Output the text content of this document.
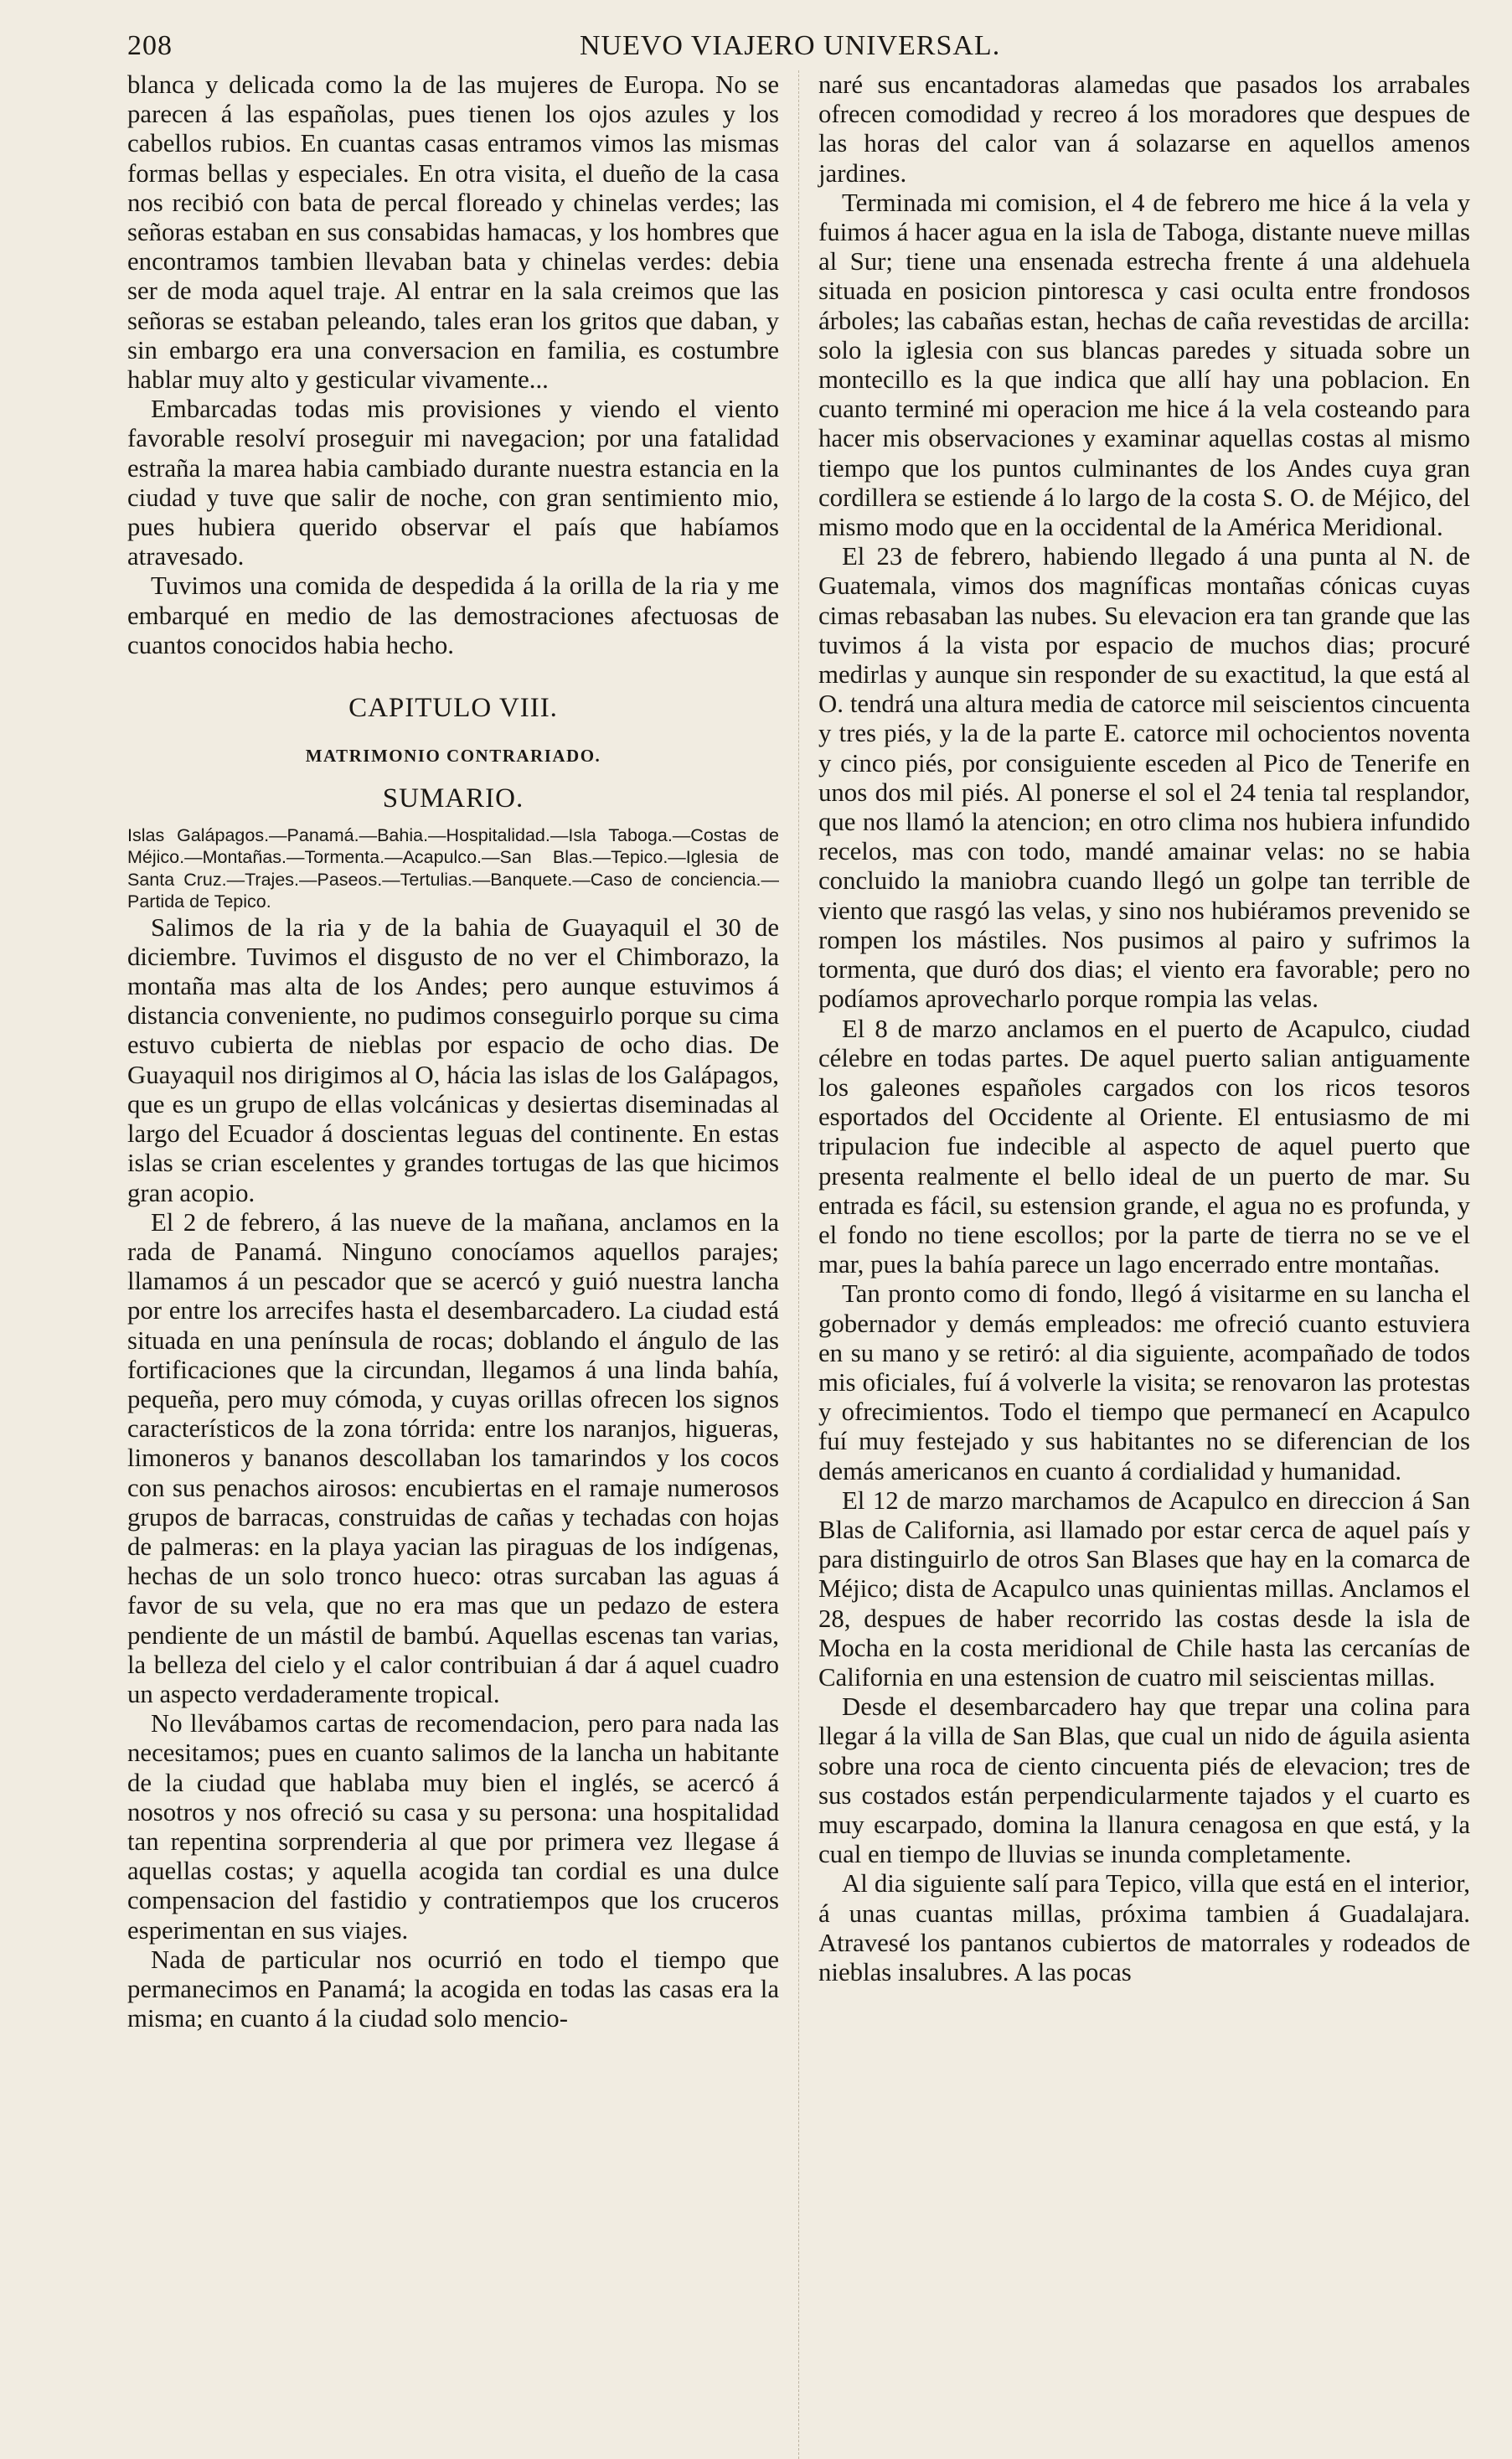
208	NUEVO VIAJERO UNIVERSAL.

blanca y delicada como la de las mujeres de Europa. No se parecen á las españolas, pues tienen los ojos azules y los cabellos rubios. En cuantas casas entramos vimos las mismas formas bellas y especiales. En otra visita, el dueño de la casa nos recibió con bata de percal floreado y chinelas verdes; las señoras estaban en sus consabidas hamacas, y los hombres que encontramos tambien llevaban bata y chinelas verdes: debia ser de moda aquel traje. Al entrar en la sala creimos que las señoras se estaban peleando, tales eran los gritos que daban, y sin embargo era una conversacion en familia, es costumbre hablar muy alto y gesticular vivamente...

Embarcadas todas mis provisiones y viendo el viento favorable resolví proseguir mi navegacion; por una fatalidad estraña la marea habia cambiado durante nuestra estancia en la ciudad y tuve que salir de noche, con gran sentimiento mio, pues hubiera querido observar el país que habíamos atravesado.

Tuvimos una comida de despedida á la orilla de la ria y me embarqué en medio de las demostraciones afectuosas de cuantos conocidos habia hecho.

CAPITULO VIII.
MATRIMONIO CONTRARIADO.
SUMARIO.

Islas Galápagos.—Panamá.—Bahia.—Hospitalidad.—Isla Taboga.—Costas de Méjico.—Montañas.—Tormenta.—Acapulco.—San Blas.—Tepico.—Iglesia de Santa Cruz.—Trajes.—Paseos.—Tertulias.—Banquete.—Caso de conciencia.—Partida de Tepico.

Salimos de la ria y de la bahia de Guayaquil el 30 de diciembre. Tuvimos el disgusto de no ver el Chimborazo, la montaña mas alta de los Andes; pero aunque estuvimos á distancia conveniente, no pudimos conseguirlo porque su cima estuvo cubierta de nieblas por espacio de ocho dias. De Guayaquil nos dirigimos al O, hácia las islas de los Galápagos, que es un grupo de ellas volcánicas y desiertas diseminadas al largo del Ecuador á doscientas leguas del continente. En estas islas se crian escelentes y grandes tortugas de las que hicimos gran acopio.

El 2 de febrero, á las nueve de la mañana, anclamos en la rada de Panamá. Ninguno conocíamos aquellos parajes; llamamos á un pescador que se acercó y guió nuestra lancha por entre los arrecifes hasta el desembarcadero. La ciudad está situada en una península de rocas; doblando el ángulo de las fortificaciones que la circundan, llegamos á una linda bahía, pequeña, pero muy cómoda, y cuyas orillas ofrecen los signos característicos de la zona tórrida: entre los naranjos, higueras, limoneros y bananos descollaban los tamarindos y los cocos con sus penachos airosos: encubiertas en el ramaje numerosos grupos de barracas, construidas de cañas y techadas con hojas de palmeras: en la playa yacian las piraguas de los indígenas, hechas de un solo tronco hueco: otras surcaban las aguas á favor de su vela, que no era mas que un pedazo de estera pendiente de un mástil de bambú. Aquellas escenas tan varias, la belleza del cielo y el calor contribuian á dar á aquel cuadro un aspecto verdaderamente tropical.

No llevábamos cartas de recomendacion, pero para nada las necesitamos; pues en cuanto salimos de la lancha un habitante de la ciudad que hablaba muy bien el inglés, se acercó á nosotros y nos ofreció su casa y su persona: una hospitalidad tan repentina sorprenderia al que por primera vez llegase á aquellas costas; y aquella acogida tan cordial es una dulce compensacion del fastidio y contratiempos que los cruceros esperimentan en sus viajes.

Nada de particular nos ocurrió en todo el tiempo que permanecimos en Panamá; la acogida en todas las casas era la misma; en cuanto á la ciudad solo mencio-

naré sus encantadoras alamedas que pasados los arrabales ofrecen comodidad y recreo á los moradores que despues de las horas del calor van á solazarse en aquellos amenos jardines.

Terminada mi comision, el 4 de febrero me hice á la vela y fuimos á hacer agua en la isla de Taboga, distante nueve millas al Sur; tiene una ensenada estrecha frente á una aldehuela situada en posicion pintoresca y casi oculta entre frondosos árboles; las cabañas estan, hechas de caña revestidas de arcilla: solo la iglesia con sus blancas paredes y situada sobre un montecillo es la que indica que allí hay una poblacion. En cuanto terminé mi operacion me hice á la vela costeando para hacer mis observaciones y examinar aquellas costas al mismo tiempo que los puntos culminantes de los Andes cuya gran cordillera se estiende á lo largo de la costa S. O. de Méjico, del mismo modo que en la occidental de la América Meridional.

El 23 de febrero, habiendo llegado á una punta al N. de Guatemala, vimos dos magníficas montañas cónicas cuyas cimas rebasaban las nubes. Su elevacion era tan grande que las tuvimos á la vista por espacio de muchos dias; procuré medirlas y aunque sin responder de su exactitud, la que está al O. tendrá una altura media de catorce mil seiscientos cincuenta y tres piés, y la de la parte E. catorce mil ochocientos noventa y cinco piés, por consiguiente esceden al Pico de Tenerife en unos dos mil piés. Al ponerse el sol el 24 tenia tal resplandor, que nos llamó la atencion; en otro clima nos hubiera infundido recelos, mas con todo, mandé amainar velas: no se habia concluido la maniobra cuando llegó un golpe tan terrible de viento que rasgó las velas, y sino nos hubiéramos prevenido se rompen los mástiles. Nos pusimos al pairo y sufrimos la tormenta, que duró dos dias; el viento era favorable; pero no podíamos aprovecharlo porque rompia las velas.

El 8 de marzo anclamos en el puerto de Acapulco, ciudad célebre en todas partes. De aquel puerto salian antiguamente los galeones españoles cargados con los ricos tesoros esportados del Occidente al Oriente. El entusiasmo de mi tripulacion fue indecible al aspecto de aquel puerto que presenta realmente el bello ideal de un puerto de mar. Su entrada es fácil, su estension grande, el agua no es profunda, y el fondo no tiene escollos; por la parte de tierra no se ve el mar, pues la bahía parece un lago encerrado entre montañas.

Tan pronto como di fondo, llegó á visitarme en su lancha el gobernador y demás empleados: me ofreció cuanto estuviera en su mano y se retiró: al dia siguiente, acompañado de todos mis oficiales, fuí á volverle la visita; se renovaron las protestas y ofrecimientos. Todo el tiempo que permanecí en Acapulco fuí muy festejado y sus habitantes no se diferencian de los demás americanos en cuanto á cordialidad y humanidad.

El 12 de marzo marchamos de Acapulco en direccion á San Blas de California, asi llamado por estar cerca de aquel país y para distinguirlo de otros San Blases que hay en la comarca de Méjico; dista de Acapulco unas quinientas millas. Anclamos el 28, despues de haber recorrido las costas desde la isla de Mocha en la costa meridional de Chile hasta las cercanías de California en una estension de cuatro mil seiscientas millas.

Desde el desembarcadero hay que trepar una colina para llegar á la villa de San Blas, que cual un nido de águila asienta sobre una roca de ciento cincuenta piés de elevacion; tres de sus costados están perpendicularmente tajados y el cuarto es muy escarpado, domina la llanura cenagosa en que está, y la cual en tiempo de lluvias se inunda completamente.

Al dia siguiente salí para Tepico, villa que está en el interior, á unas cuantas millas, próxima tambien á Guadalajara. Atravesé los pantanos cubiertos de matorrales y rodeados de nieblas insalubres. A las pocas
